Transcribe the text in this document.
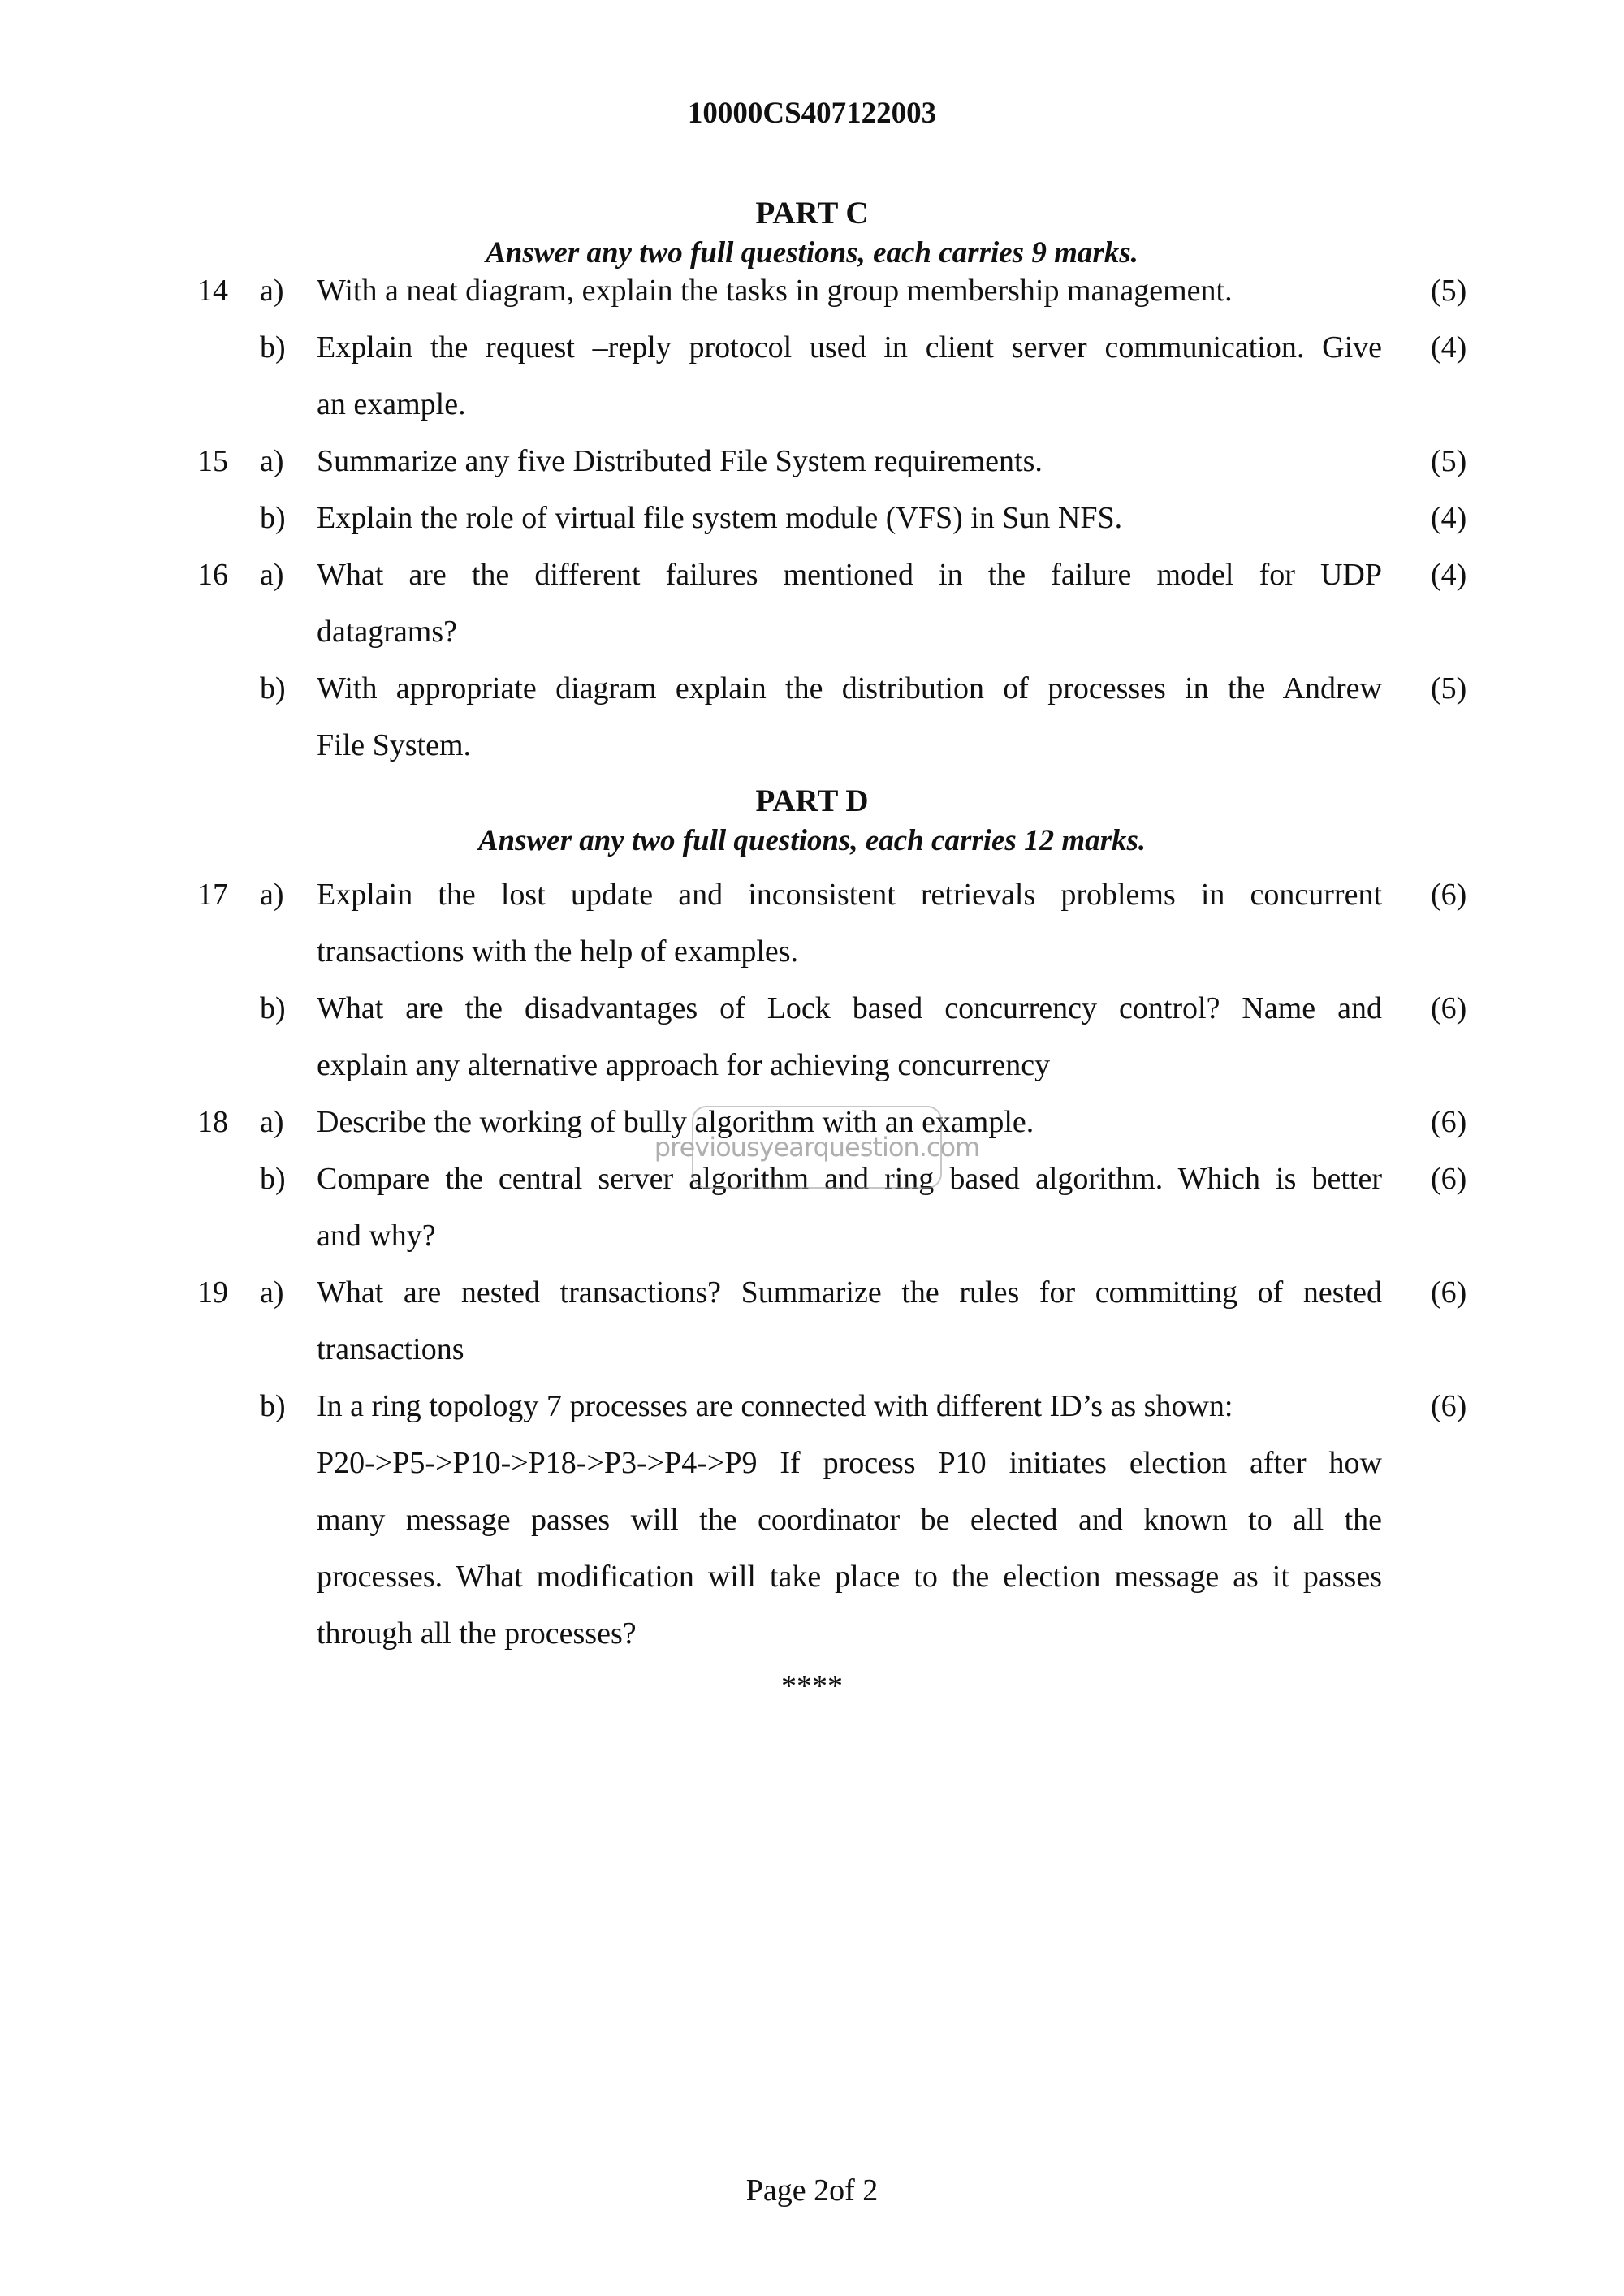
10000CS407122003
PART C
Answer any two full questions, each carries 9 marks.
14 a) With a neat diagram, explain the tasks in group membership management.	(5)
b) Explain the request –reply protocol used in client server communication. Give
an example.
(4)
15 a) Summarize any five Distributed File System requirements.	(5)
b) Explain the role of virtual file system module (VFS) in Sun NFS.	(4)
16 a) What are the different failures mentioned in the failure model for UDP
datagrams?
(4)
b) With appropriate diagram explain the distribution of processes in the Andrew
File System.
(5)
PART D
Answer any two full questions, each carries 12 marks.
17 a) Explain the lost update and inconsistent retrievals problems in concurrent
transactions with the help of examples.
(6)
b) What are the disadvantages of Lock based concurrency control? Name and
explain any alternative approach for achieving concurrency
(6)
18 a) Describe the working of bully algorithm with an example.	(6)
b) Compare the central server algorithm and ring based algorithm. Which is better
and why?
(6)
19 a) What are nested transactions? Summarize the rules for committing of nested
transactions
(6)
b) In a ring topology 7 processes are connected with different ID’s as shown:
P20->P5->P10->P18->P3->P4->P9 If process P10 initiates election after how
many message passes will the coordinator be elected and known to all the
processes. What modification will take place to the election message as it passes
through all the processes?
(6)
****
previousyearquestion.com
Page 2of 2
